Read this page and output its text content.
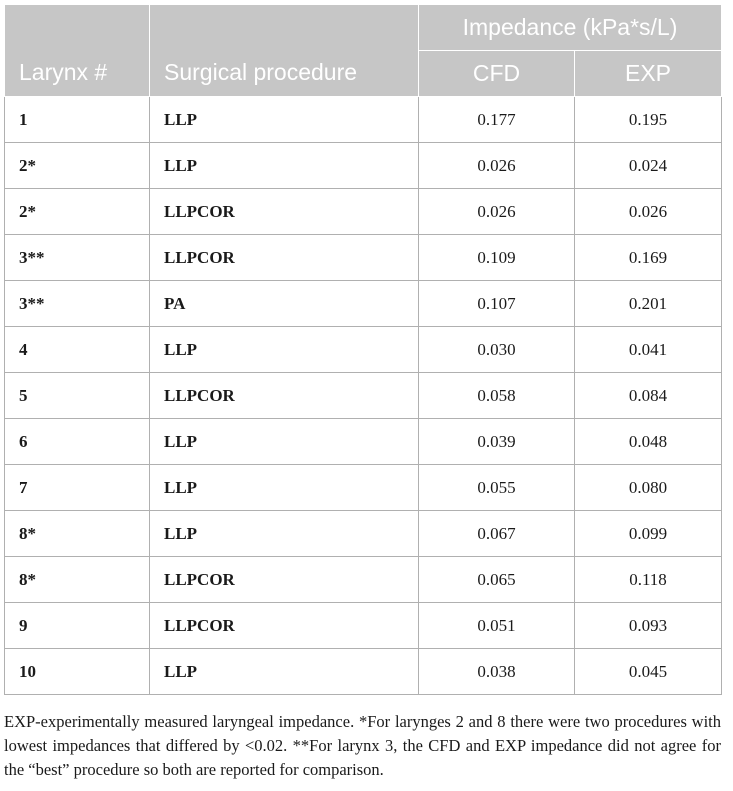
Larynx #	Surgical procedure	Impedance (kPa*s/L)	
		CFD	EXP
1	LLP	0.177	0.195
2*	LLP	0.026	0.024
2*	LLPCOR	0.026	0.026
3**	LLPCOR	0.109	0.169
3**	PA	0.107	0.201
4	LLP	0.030	0.041
5	LLPCOR	0.058	0.084
6	LLP	0.039	0.048
7	LLP	0.055	0.080
8*	LLP	0.067	0.099
8*	LLPCOR	0.065	0.118
9	LLPCOR	0.051	0.093
10	LLP	0.038	0.045

EXP-experimentally measured laryngeal impedance. *For larynges 2 and 8 there were two procedures with lowest impedances that differed by <0.02. **For larynx 3, the CFD and EXP impedance did not agree for the “best” procedure so both are reported for comparison.
